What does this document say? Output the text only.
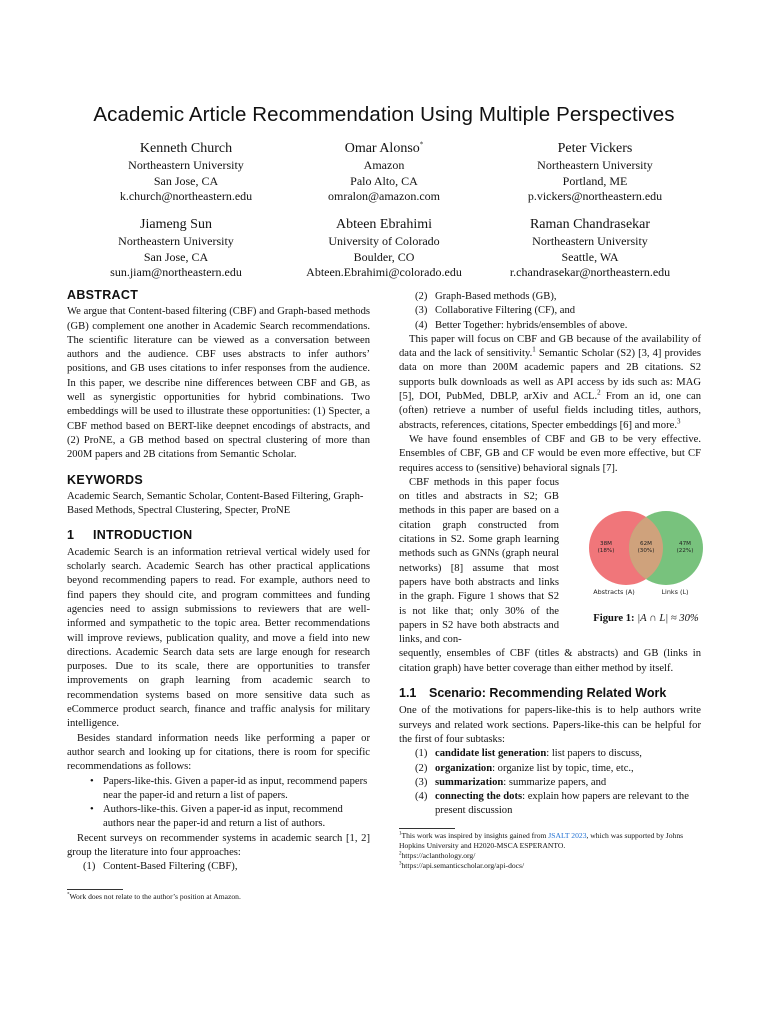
Academic Article Recommendation Using Multiple Perspectives
Kenneth Church
Northeastern University
San Jose, CA
k.church@northeastern.edu
Omar Alonso*
Amazon
Palo Alto, CA
omralon@amazon.com
Peter Vickers
Northeastern University
Portland, ME
p.vickers@northeastern.edu
Jiameng Sun
Northeastern University
San Jose, CA
sun.jiam@northeastern.edu
Abteen Ebrahimi
University of Colorado
Boulder, CO
Abteen.Ebrahimi@colorado.edu
Raman Chandrasekar
Northeastern University
Seattle, WA
r.chandrasekar@northeastern.edu
ABSTRACT

We argue that Content-based filtering (CBF) and Graph-based methods (GB) complement one another in Academic Search recommendations. The scientific literature can be viewed as a conversation between authors and the audience. CBF uses abstracts to infer authors’ positions, and GB uses citations to infer responses from the audience. In this paper, we describe nine differences between CBF and GB, as well as synergistic opportunities for hybrid combinations. Two embeddings will be used to illustrate these opportunities: (1) Specter, a CBF method based on BERT-like deepnet encodings of abstracts, and (2) ProNE, a GB method based on spectral clustering of more than 200M papers and 2B citations from Semantic Scholar.

KEYWORDS

Academic Search, Semantic Scholar, Content-Based Filtering, Graph-Based Methods, Spectral Clustering, Specter, ProNE

1 INTRODUCTION

Academic Search is an information retrieval vertical widely used for scholarly search. Academic Search has other practical applications beyond recommending papers to read. For example, authors need to find papers they should cite, and program committees and funding agencies need to assign submissions to reviewers that are well-informed and sympathetic to the topic area. Better recommendations will improve reviews, publication quality, and move a field into new directions. Academic Search data sets are large enough for research purposes. Due to its scale, there are opportunities to transfer improvements on graph learning from academic search to recommendation systems based on more sensitive data such as eCommerce product search, finance and traffic analysis for military intelligence.

Besides standard information needs like performing a paper or author search and looking up for citations, there is room for specific recommendations as follows:

• Papers-like-this. Given a paper-id as input, recommend papers near the paper-id and return a list of papers.
• Authors-like-this. Given a paper-id as input, recommend authors near the paper-id and return a list of authors.

Recent surveys on recommender systems in academic search [1, 2] group the literature into four approaches:

(1) Content-Based Filtering (CBF),
*Work does not relate to the author’s position at Amazon.
(2) Graph-Based methods (GB),
(3) Collaborative Filtering (CF), and
(4) Better Together: hybrids/ensembles of above.

This paper will focus on CBF and GB because of the availability of data and the lack of sensitivity.$^1$ Semantic Scholar (S2) [3, 4] provides data on more than 200M academic papers and 2B citations. S2 supports bulk downloads as well as API access by ids such as: MAG [5], DOI, PubMed, DBLP, arXiv and ACL.$^2$ From an id, one can (often) retrieve a number of useful fields including titles, authors, abstracts, references, citations, Specter embeddings [6] and more.$^3$

We have found ensembles of CBF and GB to be very effective. Ensembles of CBF, GB and CF would be even more effective, but CF requires access to (sensitive) behavioral signals [7].

CBF methods in this paper focus on titles and abstracts in S2; GB methods in this paper are based on a citation graph constructed from citations in S2. Some graph learning methods such as GNNs (graph neural networks) [8] assume that most papers have both abstracts and links in the graph. Figure 1 shows that S2 is not like that; only 30% of the papers in S2 have both abstracts and links, and con-

sequently, ensembles of CBF (titles & abstracts) and GB (links in citation graph) have better coverage than either method by itself.

1.1 Scenario: Recommending Related Work

One of the motivations for papers-like-this is to help authors write surveys and related work sections. Papers-like-this can be helpful for the first of four subtasks:

(1) candidate list generation: list papers to discuss,
(2) organization: organize list by topic, time, etc.,
(3) summarization: summarize papers, and
(4) connecting the dots: explain how papers are relevant to the present discussion
$^1$This work was inspired by insights gained from JSALT 2023, which was supported by Johns Hopkins University and H2020-MSCA ESPERANTO.
$^2$https://aclanthology.org/
$^3$https://api.semanticscholar.org/api-docs/
38M
(18%)
62M
(30%)
47M
(22%)
Abstracts (A)	Links (L)
Figure 1: |A ∩ L| ≈ 30%
